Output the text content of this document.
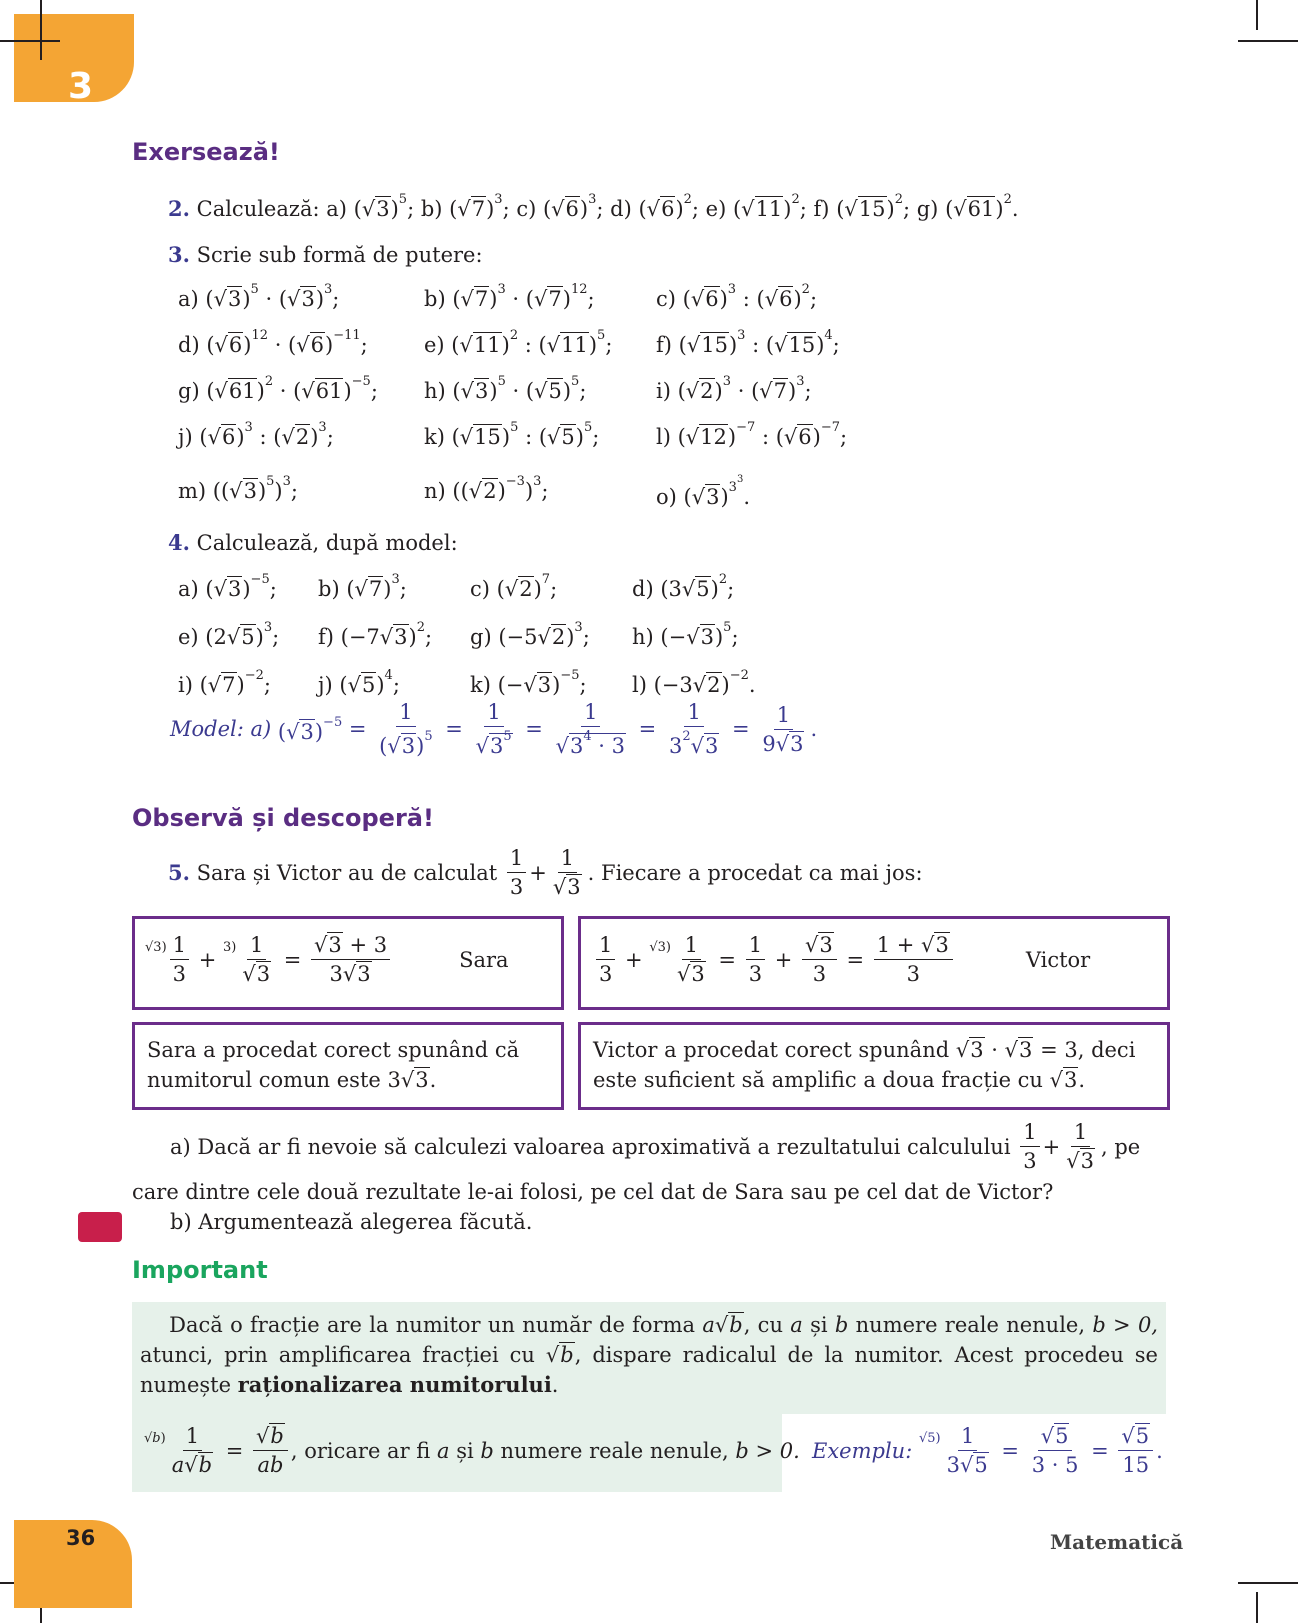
3
Exersează!
2. Calculează: a) $(√3)^5$; b) $(√7)^3$; c) $(√6)^3$; d) $(√6)^2$; e) $(√11)^2$; f) $(√15)^2$; g) $(√61)^2$.
3. Scrie sub formă de putere:
a) $(√3)^5 \cdot (√3)^3$;	b) $(√7)^3 \cdot (√7)^{12}$;	c) $(√6)^3$ : $(√6)^2$;
d) $(√6)^{12} \cdot (√6)^{-11}$;	e) $(√11)^2$ : $(√11)^5$; f) $(√15)^3$ : $(√15)^4$;
g) $(√61)^2 \cdot (√61)^{-5}$; h) $(√3)^5 \cdot (√5)^5$;	i) $(√2)^3 \cdot (√7)^3$;
j) $(√6)^3$ : $(√2)^3$;	k) $(√15)^5$ : $(√5)^5$;	l) $(√12)^{-7}$ : $(√6)^{-7}$;
m) $((√3)^5)^3$;	n) $((√2)^{-3})^3$;	o) $(√3)^{33}$.
4. Calculează, după model:
a) $(√3)^{-5}$; b) $(√7)^3$;	c) $(√2)^7$;	d) $(3√5)^2$;
e) $(2√5)^3$; f) $(-7√3)^2$; g) $(-5√2)^3$; h) $(-√3)^5$;
i) $(√7)^{-2}$; j) $(√5)^4$;	k) $(-√3)^{-5}$; l) $(-3√2)^{-2}$.
Model: a)
$(√3)^{-5} = \frac{1}{(√3)^5} = \frac{1}{√3^5} = \frac{1}{√3^4 \cdot 3} = \frac{1}{3^2√3} = \frac{1}{9√3}$ .
Observă și descoperă!
5.
Sara și Victor au de calculat
$\frac{1}{3} + \frac{1}{√3}$ . Fiecare a procedat ca mai jos:
$√3) \frac{1}{3} + 3) \frac{1}{√3} = \frac{√3 + 3}{3√3}$	Sara
Sara a procedat corect spunând că numitorul comun este 3√3.
$\frac{1}{3} + √3) \frac{1}{√3} = \frac{1}{3} + \frac{√3}{3} = \frac{1 + √3}{3}$	Victor
Victor a procedat corect spunând √3 · √3 = 3, deci
este suficient să amplific a doua fracție cu √3.
a) Dacă ar fi nevoie să calculezi valoarea aproximativă a rezultatului calculului
$\frac{1}{3} + \frac{1}{√3}$ , pe
care dintre cele două rezultate le-ai folosi, pe cel dat de Sara sau pe cel dat de Victor?
b) Argumentează alegerea făcută.
Important
Dacă o fracție are la numitor un număr de forma a√b, cu a și b numere reale nenule, b > 0, atunci, prin amplificarea fracției cu √b, dispare radicalul de la numitor. Acest procedeu se numește raționalizarea numitorului.
$√b) \frac{1}{a√b} = \frac{√b}{ab}$ , oricare ar fi
a
și
b
numere reale nenule,
b > 0. Exemplu:
$√5) \frac{1}{3√5} = \frac{√5}{3 \cdot 5} = \frac{√5}{15}$ .
36	Matematică
